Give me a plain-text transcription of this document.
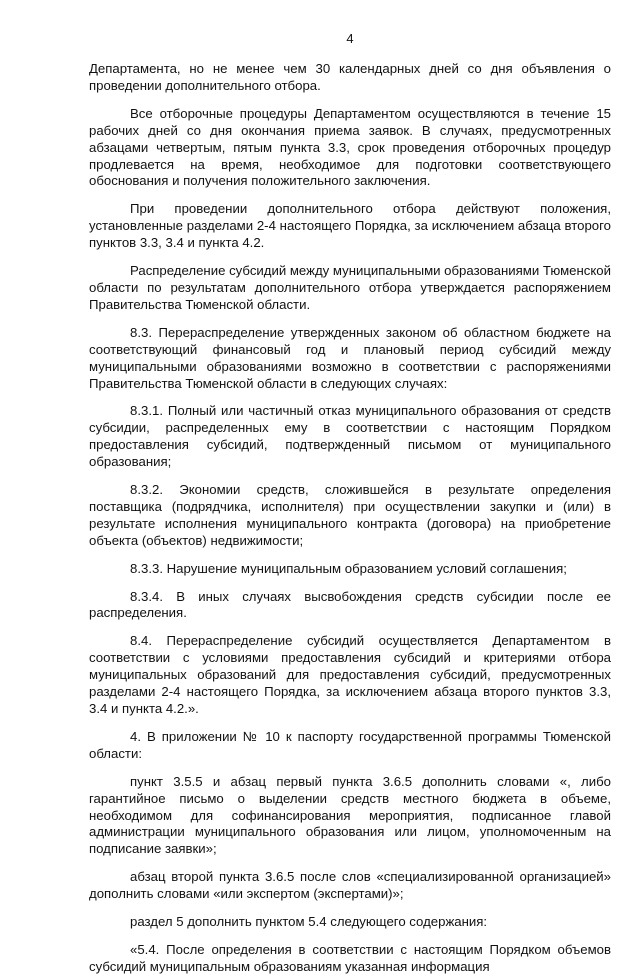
4

Департамента, но не менее чем 30 календарных дней со дня объявления о проведении дополнительного отбора.

Все отборочные процедуры Департаментом осуществляются в течение 15 рабочих дней со дня окончания приема заявок. В случаях, предусмотренных абзацами четвертым, пятым пункта 3.3, срок проведения отборочных процедур продлевается на время, необходимое для подготовки соответствующего обоснования и получения положительного заключения.

При проведении дополнительного отбора действуют положения, установленные разделами 2-4 настоящего Порядка, за исключением абзаца второго пунктов 3.3, 3.4 и пункта 4.2.

Распределение субсидий между муниципальными образованиями Тюменской области по результатам дополнительного отбора утверждается распоряжением Правительства Тюменской области.

8.3. Перераспределение утвержденных законом об областном бюджете на соответствующий финансовый год и плановый период субсидий между муниципальными образованиями возможно в соответствии с распоряжениями Правительства Тюменской области в следующих случаях:

8.3.1. Полный или частичный отказ муниципального образования от средств субсидии, распределенных ему в соответствии с настоящим Порядком предоставления субсидий, подтвержденный письмом от муниципального образования;

8.3.2. Экономии средств, сложившейся в результате определения поставщика (подрядчика, исполнителя) при осуществлении закупки и (или) в результате исполнения муниципального контракта (договора) на приобретение объекта (объектов) недвижимости;

8.3.3. Нарушение муниципальным образованием условий соглашения;

8.3.4. В иных случаях высвобождения средств субсидии после ее распределения.

8.4. Перераспределение субсидий осуществляется Департаментом в соответствии с условиями предоставления субсидий и критериями отбора муниципальных образований для предоставления субсидий, предусмотренных разделами 2-4 настоящего Порядка, за исключением абзаца второго пунктов 3.3, 3.4 и пункта 4.2.».

4. В приложении № 10 к паспорту государственной программы Тюменской области:

пункт 3.5.5 и абзац первый пункта 3.6.5 дополнить словами «, либо гарантийное письмо о выделении средств местного бюджета в объеме, необходимом для софинансирования мероприятия, подписанное главой администрации муниципального образования или лицом, уполномоченным на подписание заявки»;

абзац второй пункта 3.6.5 после слов «специализированной организацией» дополнить словами «или экспертом (экспертами)»;

раздел 5 дополнить пунктом 5.4 следующего содержания:

«5.4. После определения в соответствии с настоящим Порядком объемов субсидий муниципальным образованиям указанная информация
